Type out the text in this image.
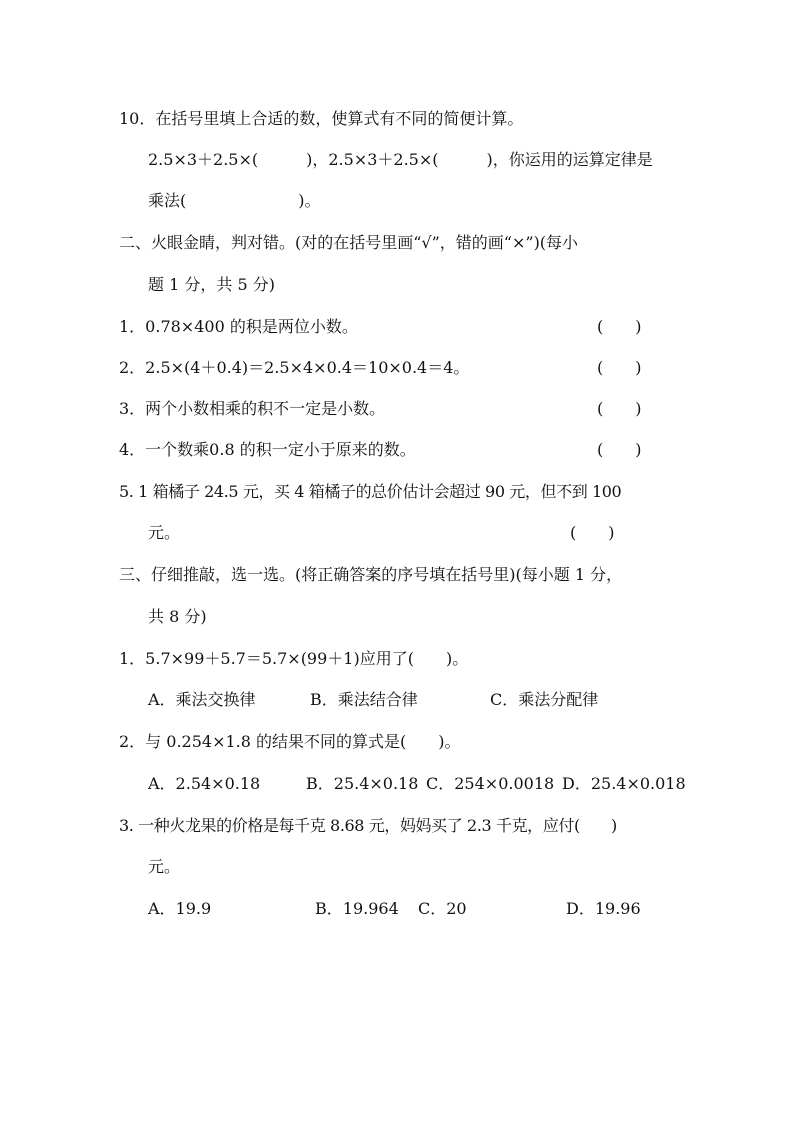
10．在括号里填上合适的数，使算式有不同的简便计算。
2.5×3＋2.5×(　　　)，2.5×3＋2.5×(　　　)，你运用的运算定律是
乘法(　　　　　　　)。
二、火眼金睛，判对错。(对的在括号里画“√”，错的画“×”)(每小
题 1 分，共 5 分)
1．0.78×400 的积是两位小数。	(　　)
2．2.5×(4＋0.4)＝2.5×4×0.4＝10×0.4＝4。	(　　)
3．两个小数相乘的积不一定是小数。	(　　)
4．一个数乘0.8 的积一定小于原来的数。	(　　)
5. 1 箱橘子 24.5 元，买 4 箱橘子的总价估计会超过 90 元，但不到 100
元。	(　　)
三、仔细推敲，选一选。(将正确答案的序号填在括号里)(每小题 1 分，
共 8 分)
1．5.7×99＋5.7＝5.7×(99＋1)应用了(　　)。
A．乘法交换律	B．乘法结合律	C．乘法分配律
2．与 0.254×1.8 的结果不同的算式是(　　)。
A．2.54×0.18	B．25.4×0.18 C．254×0.0018 D．25.4×0.018
3. 一种火龙果的价格是每千克 8.68 元，妈妈买了 2.3 千克，应付(　　)
元。
A．19.9	B．19.964 C．20	D．19.96
